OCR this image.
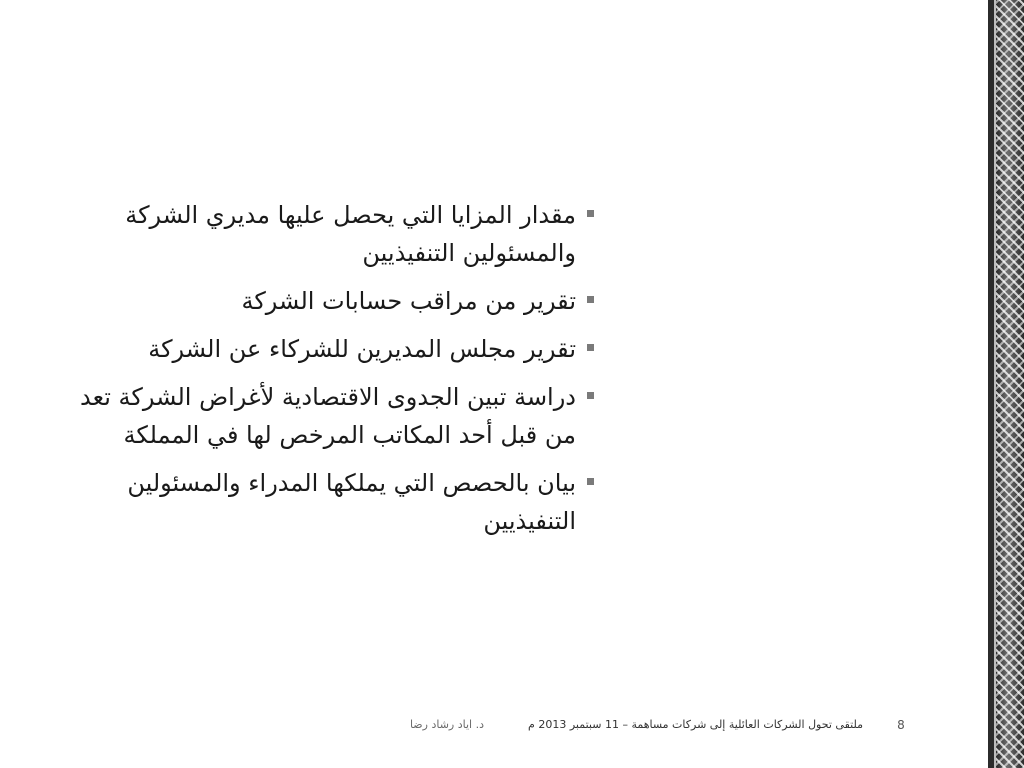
مقدار المزايا التي يحصل عليها مديري الشركة والمسئولين التنفيذيين
تقرير من مراقب حسابات الشركة
تقرير مجلس المديرين للشركاء عن الشركة
دراسة تبين الجدوى الاقتصادية لأغراض الشركة تعد من قبل أحد المكاتب المرخص لها في المملكة
بيان بالحصص التي يملكها المدراء والمسئولين التنفيذيين
د. اياد رشاد رضا	ملتقى تحول الشركات العائلية إلى شركات مساهمة – 11 سبتمبر 2013 م	8
